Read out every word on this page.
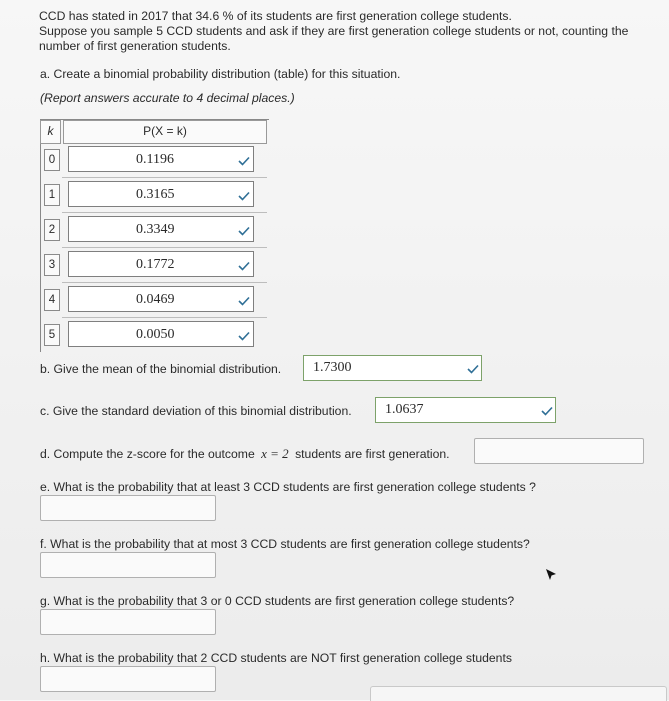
CCD has stated in 2017 that 34.6 % of its students are first generation college students.
Suppose you sample 5 CCD students and ask if they are first generation college students or not, counting the
number of first generation students.
a. Create a binomial probability distribution (table) for this situation.
(Report answers accurate to 4 decimal places.)
k	P(X = k)
0	0.1196
1	0.3165
2	0.3349
3	0.1772
4	0.0469
5	0.0050
b. Give the mean of the binomial distribution. 1.7300
c. Give the standard deviation of this binomial distribution. 1.0637
d. Compute the z-score for the outcome x = 2 students are first generation.
e. What is the probability that at least 3 CCD students are first generation college students ?
f. What is the probability that at most 3 CCD students are first generation college students?
g. What is the probability that 3 or 0 CCD students are first generation college students?
h. What is the probability that 2 CCD students are NOT first generation college students
